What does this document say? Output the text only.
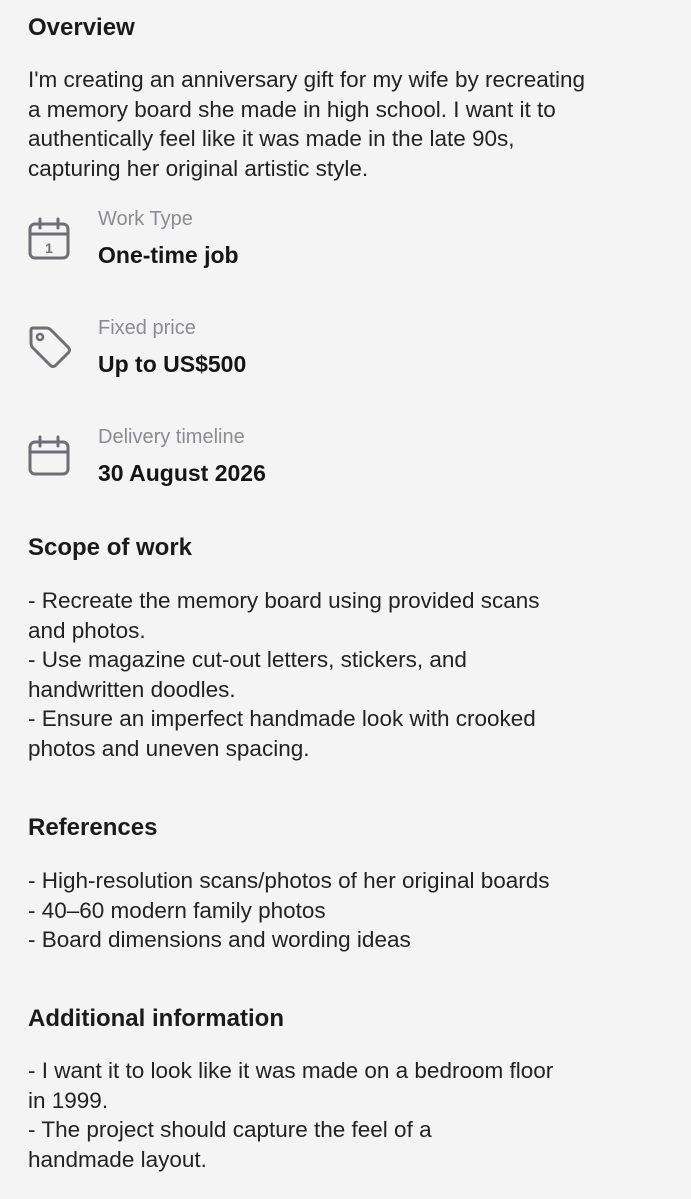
Overview
I'm creating an anniversary gift for my wife by recreating
a memory board she made in high school. I want it to
authentically feel like it was made in the late 90s,
capturing her original artistic style.
1
Work Type
One-time job
Fixed price
Up to US$500
Delivery timeline
30 August 2026
Scope of work
- Recreate the memory board using provided scans
and photos.
- Use magazine cut-out letters, stickers, and
handwritten doodles.
- Ensure an imperfect handmade look with crooked
photos and uneven spacing.
References
- High-resolution scans/photos of her original boards
- 40–60 modern family photos
- Board dimensions and wording ideas
Additional information
- I want it to look like it was made on a bedroom floor
in 1999.
- The project should capture the feel of a
handmade layout.
